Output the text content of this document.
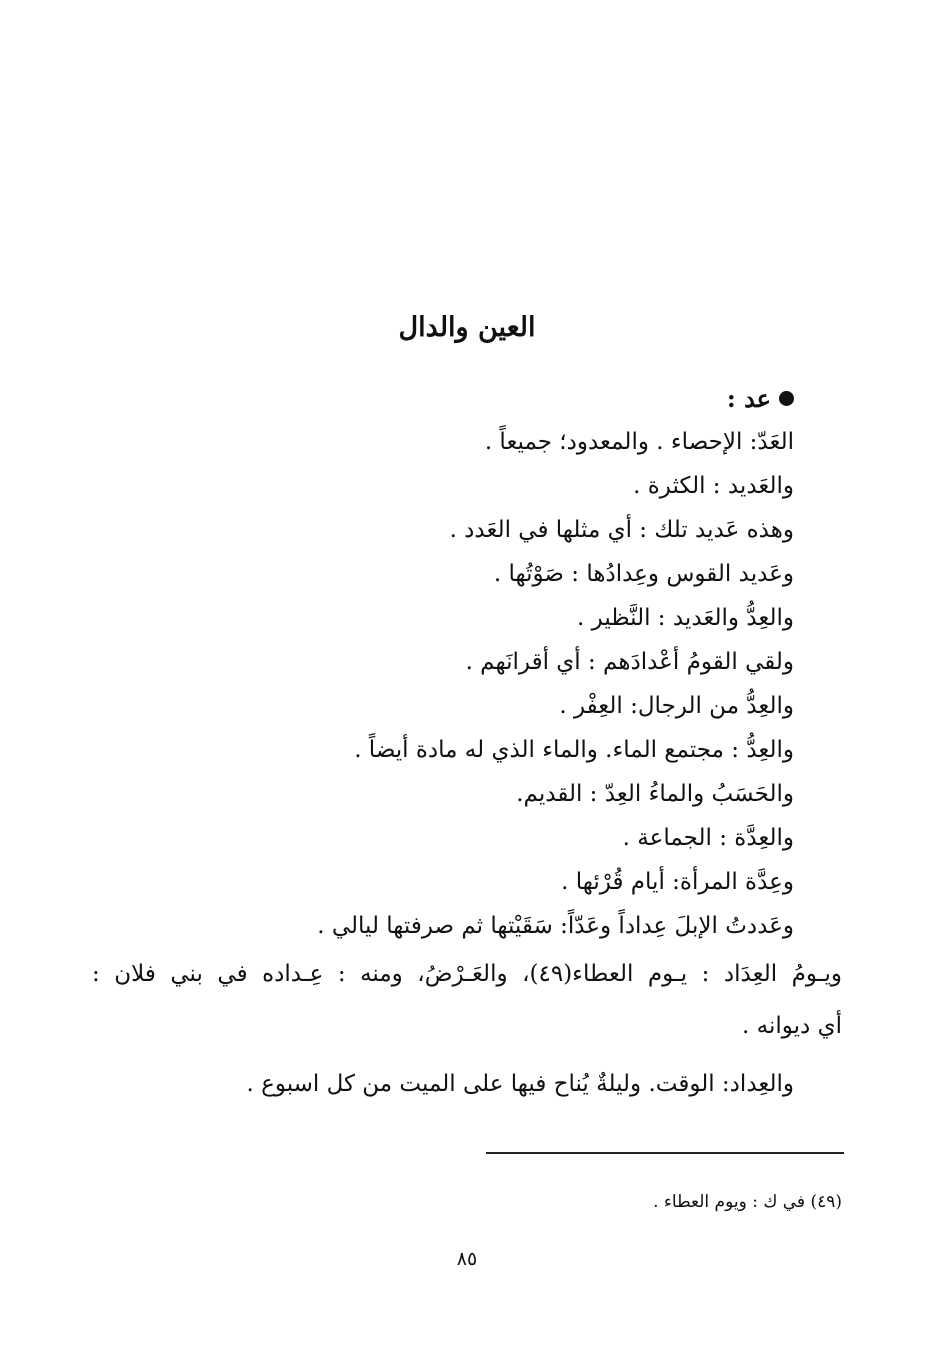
العين والدال
عد :
العَدّ: الإحصاء . والمعدود؛ جميعاً .
والعَديد : الكثرة .
وهذه عَديد تلك : أي مثلها في العَدد .
وعَديد القوس وعِدادُها : صَوْتُها .
والعِدُّ والعَديد : النَّظير .
ولقي القومُ أعْدادَهم : أي أقرانَهم .
والعِدُّ من الرجال: العِفْر .
والعِدُّ : مجتمع الماء. والماء الذي له مادة أيضاً .
والحَسَبُ والماءُ العِدّ : القديم.
والعِدَّة : الجماعة .
وعِدَّة المرأة: أيام قُرْئها .
وعَددتُ الإبلَ عِداداً وعَدّاً: سَقَيْتها ثم صرفتها ليالي .
ويـومُ العِدَاد : يـوم العطاء(٤٩)، والعَـرْضُ، ومنه : عِـداده في بني فلان :
أي ديوانه .
والعِداد: الوقت. وليلةٌ يُناح فيها على الميت من كل اسبوع .
(٤٩) في ك : ويوم العطاء .
٨٥
